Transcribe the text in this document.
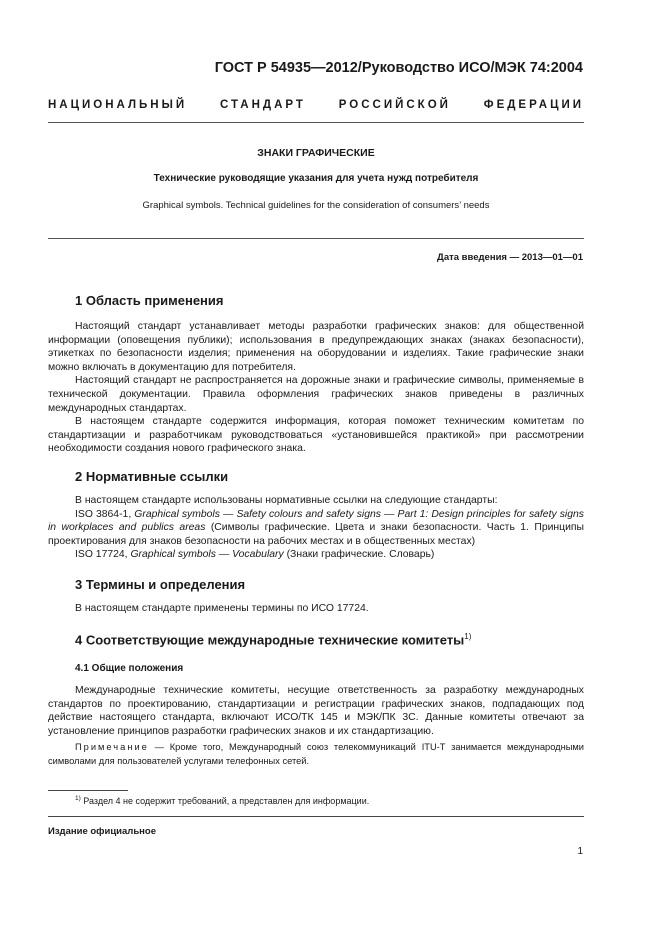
ГОСТ Р 54935—2012/Руководство ИСО/МЭК 74:2004
НАЦИОНАЛЬНЫЙ СТАНДАРТ РОССИЙСКОЙ ФЕДЕРАЦИИ
ЗНАКИ ГРАФИЧЕСКИЕ
Технические руководящие указания для учета нужд потребителя
Graphical symbols. Technical guidelines for the consideration of consumers’ needs
Дата введения — 2013—01—01
1 Область применения

Настоящий стандарт устанавливает методы разработки графических знаков: для общественной информации (оповещения публики); использования в предупреждающих знаках (знаках безопасности), этикетках по безопасности изделия; применения на оборудовании и изделиях. Такие графические знаки можно включать в документацию для потребителя.

Настоящий стандарт не распространяется на дорожные знаки и графические символы, применяемые в технической документации. Правила оформления графических знаков приведены в различных международных стандартах.

В настоящем стандарте содержится информация, которая поможет техническим комитетам по стандартизации и разработчикам руководствоваться «установившейся практикой» при рассмотрении необходимости создания нового графического знака.

2 Нормативные ссылки

В настоящем стандарте использованы нормативные ссылки на следующие стандарты:

ISO 3864-1, Graphical symbols — Safety colours and safety signs — Part 1: Design principles for safety signs in workplaces and publics areas (Символы графические. Цвета и знаки безопасности. Часть 1. Принципы проектирования для знаков безопасности на рабочих местах и в общественных местах)

ISO 17724, Graphical symbols — Vocabulary (Знаки графические. Словарь)

3 Термины и определения

В настоящем стандарте применены термины по ИСО 17724.

4 Соответствующие международные технические комитеты$^{1)}$
4.1 Общие положения

Международные технические комитеты, несущие ответственность за разработку международных стандартов по проектированию, стандартизации и регистрации графических знаков, подпадающих под действие настоящего стандарта, включают ИСО/ТК 145 и МЭК/ПК 3С. Данные комитеты отвечают за установление принципов разработки графических знаков и их стандартизацию.

Примечание — Кроме того, Международный союз телекоммуникаций ITU-T занимается международными символами для пользователей услугами телефонных сетей.

$^{1)}$ Раздел 4 не содержит требований, а представлен для информации.
Издание официальное
1
